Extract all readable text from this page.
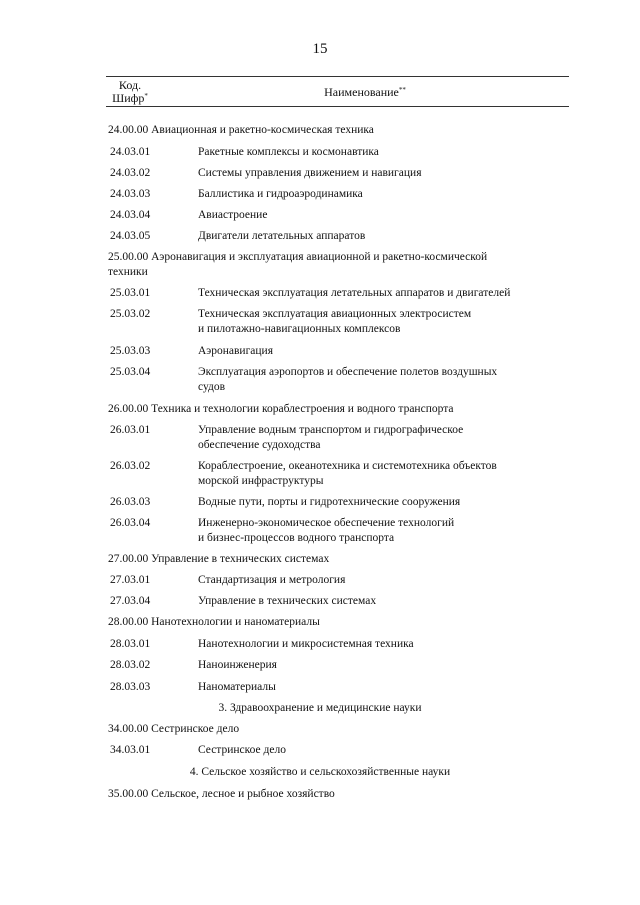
15
Код.
Шифр*	Наименование**
24.00.00 Авиационная и ракетно-космическая техника
24.03.01	Ракетные комплексы и космонавтика
24.03.02	Системы управления движением и навигация
24.03.03	Баллистика и гидроаэродинамика
24.03.04	Авиастроение
24.03.05	Двигатели летательных аппаратов
25.00.00 Аэронавигация и эксплуатация авиационной и ракетно-космической
техники
25.03.01	Техническая эксплуатация летательных аппаратов и двигателей
25.03.02	Техническая эксплуатация авиационных электросистем
и пилотажно-навигационных комплексов
25.03.03	Аэронавигация
25.03.04	Эксплуатация аэропортов и обеспечение полетов воздушных
судов
26.00.00 Техника и технологии кораблестроения и водного транспорта
26.03.01	Управление водным транспортом и гидрографическое
обеспечение судоходства
26.03.02	Кораблестроение, океанотехника и системотехника объектов
морской инфраструктуры
26.03.03	Водные пути, порты и гидротехнические сооружения
26.03.04	Инженерно-экономическое обеспечение технологий
и бизнес-процессов водного транспорта
27.00.00 Управление в технических системах
27.03.01	Стандартизация и метрология
27.03.04	Управление в технических системах
28.00.00 Нанотехнологии и наноматериалы
28.03.01	Нанотехнологии и микросистемная техника
28.03.02	Наноинженерия
28.03.03	Наноматериалы
3. Здравоохранение и медицинские науки
34.00.00 Сестринское дело
34.03.01	Сестринское дело
4. Сельское хозяйство и сельскохозяйственные науки
35.00.00 Сельское, лесное и рыбное хозяйство
